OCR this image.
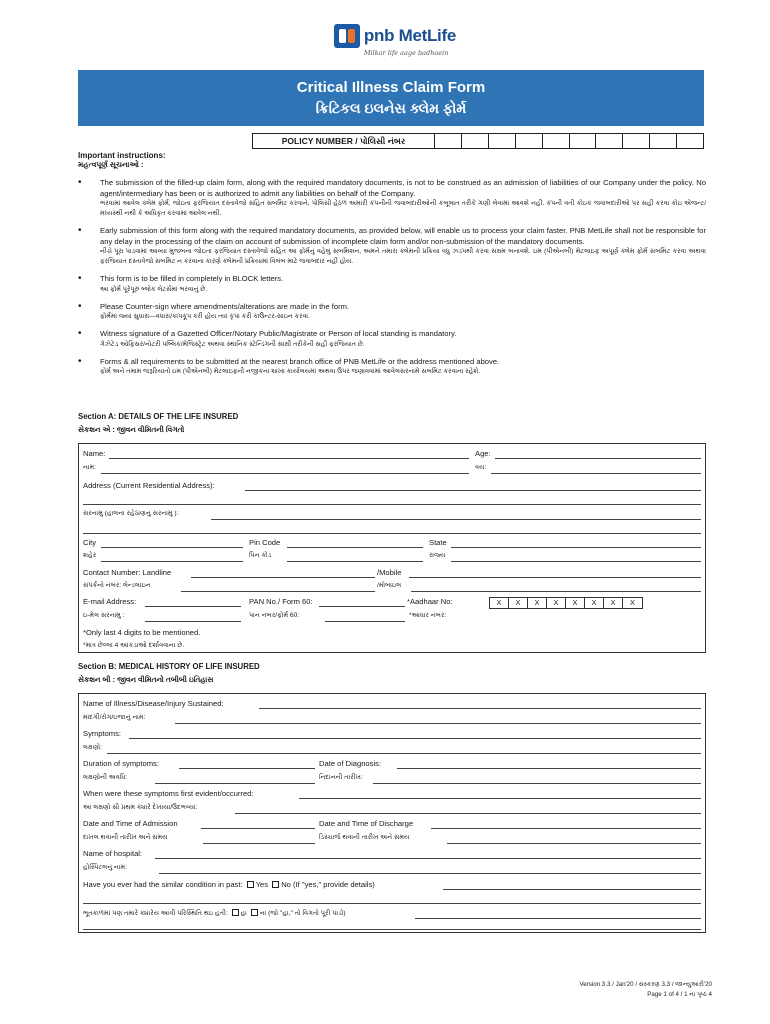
pnb MetLife
Milkar life aage badhaein
Critical Illness Claim Form
ક્રિટિકલ ઇલનેસ ક્લેમ ફોર્મ
POLICY NUMBER / પોલિસી નંબર
Important instructions:
મહત્વપૂર્ણ સૂચનાઓ :
• The submission of the filled-up claim form, along with the required mandatory documents, is not to be construed as an admission of liabilities of our Company under the policy. No agent/intermediary has been or is authorized to admit any liabilities on behalf of the Company.
ભરવામાં આવેલ ક્લેમ ફોર્મ, જોઇતા ફરજિયાત દસ્તાવેજો સહિત સબમિટ કરવાને, પોલિસી હેઠળ અમારી કંપનીની જવાબદારીઓની કબૂલાત તરીકે ગણી લેવામાં આવશે નહીં. કંપની વતી કોઇક જવાબદારીઓ પર સહી કરવા કોઇ એજન્ટ/મધ્યસ્થી નથી કે અધિકૃત કરવામાં આવેલ નથી.
• Early submission of this form along with the required mandatory documents, as provided below, will enable us to process your claim faster. PNB MetLife shall not be responsible for any delay in the processing of the claim on account of submission of incomplete claim form and/or non-submission of the mandatory documents.
નીચે પૂરા પાડવામાં આવ્યા મુજબના જોઇતા ફરજિયાત દસ્તાવેજો સહિત આ ફોર્મનું વહેલું સબમિશન, અમને તમારા ક્લેમની પ્રક્રિયા વધુ ઝડપથી કરવા સક્ષમ બનાવશે. ઇમ (પીએનબી) મેટલાઇફ અપૂર્ણ ક્લેમ ફોર્મ સબમિટ કરવા અથવા ફરજિયાત દસ્તાવેજો સબમિટ ન કરવાના કારણે ક્લેમની પ્રક્રિયામાં વિલંબ માટે જવાબદાર નહીં હોય.
• This form is to be filled in completely in BLOCK letters.
આ ફોર્મ પૂરેપૂરું બ્લોક લેટર્સમાં ભરવાનું છે.
• Please Counter-sign where amendments/alterations are made in the form.
ફોર્મમાં જ્યાં સુધારા—વધારા/કાપકૂપ કરી હોય ત્યાં કૃપા કરી કાઉન્ટર-સાઇન કરવા.
• Witness signature of a Gazetted Officer/Notary Public/Magistrate or Person of local standing is mandatory.
ગેઝેટેડ ઓફિસર/નોટરી પબ્લિક/મેજિસ્ટ્રેટ અથવા સ્થાનિક સ્ટેન્ડિંગની સાક્ષી તરીકેની સહી ફરજિયાત છે.
• Forms & all requirements to be submitted at the nearest branch office of PNB MetLife or the address mentioned above.
ફોર્મ અને તમામ જરૂરિયાતો ઇમ (પીએનબી) મેટલાઇફની નજીકના શાખા કાર્યાલયમાં અથવા ઉપર જણાવવામાં આવેલસરનામે સબમિટ કરવાના રહેશે.
Section A: DETAILS OF THE LIFE INSURED
સેકશન એ : જીવન વીમિતની વિગતો
Name:	Age:
નામ:	વય:
Address (Current Residential Address):
સરનામુ (હાલના રહેઠાણનું સરનામુ ):
City	Pin Code	State
શહેર	પિન કોડ	રાજ્ય
Contact Number: Landline	/Mobile
સંપર્કનો નંબર: લેન્ડલાઇન	/મોબાઇલ
E-mail Address:	PAN No./ Form 60:	*Aadhaar No:
ઇ-મેલ સરનામુ :	પાન નંબર/ફોર્મ 60:	*આધાર નંબર:
*Only last 4 digits to be mentioned.
*માત્ર છેલ્લા 4 આંકડાઓ દર્શાવવાના છે.
X	X	X	X	X	X	X	X
Section B: MEDICAL HISTORY OF LIFE INSURED
સેકશન બી : જીવન વીમિતનો તબીબી ઇતિહાસ
Name of Illness/Disease/Injury Sustained:
માંદગી/રોગ/ઇજાનું નામ:
Symptoms:
લક્ષણો:
Duration of symptoms:	Date of Diagnosis:
લક્ષણોની અવધિ:	નિદાનની તારીખ:
When were these symptoms first evident/occurred:
આ લક્ષણો સૌ પ્રથમ ક્યારે દેખાયા/ઉદભવ્યા:
Date and Time of Admission	Date and Time of Discharge
દાખલ થવાની તારીખ અને સમય	ડિસ્ચાર્જ થવાની તારીખ અને સમય
Name of hospital:
હોસ્પિટલનું નામ:
Have you ever had the similar condition in past: Yes No (If "yes," provide details)
ભૂતકાળમાં પણ તમારે ક્યારેય આવી પરિસ્થિતિ થઇ હતી: હા ના (જો "હા," તો વિગતો પૂરી પાડો)
Version 3.3 / Jan'20 / સંસ્કરણ 3.3 / જાન્યુઆરી'20
Page 1 of 4 / 1 ના પૃષ્ઠ 4
